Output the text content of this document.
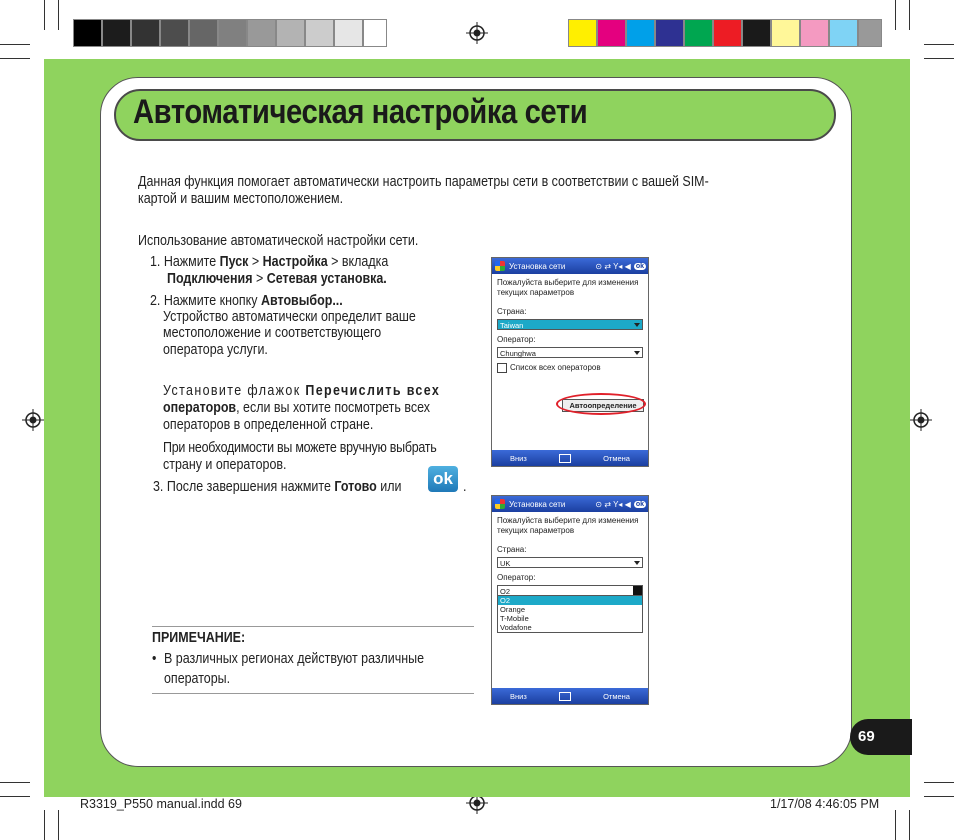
Автоматическая настройка сети
Данная функция помогает автоматически настроить параметры сети в соответствии с вашей SIM-
картой и вашим местоположением.
Использование автоматической настройки сети.
1. Нажмите Пуск > Настройка > вкладка
Подключения > Сетевая установка.
2. Нажмите кнопку Автовыбор...
Устройство автоматически определит ваше
местоположение и соответствующего
оператора услуги.
Установите флажок Перечислить всех
операторов, если вы хотите посмотреть всех
операторов в определенной стране.
При необходимости вы можете вручную выбрать
страну и операторов.
3. После завершения нажмите Готово или ok .
ПРИМЕЧАНИЕ:
• В различных регионах действуют различные
операторы.
Установка сети	⊙ ⇄ Y◂ ◀ ok
Пожалуйста выберите для изменения
текущих параметров
Страна:
Taiwan
Оператор:
Chunghwa
Список всех операторов
Автоопределение
Вниз	Отмена
Установка сети	⊙ ⇄ Y◂ ◀ ok
Пожалуйста выберите для изменения
текущих параметров
Страна:
UK
Оператор:
O2
O2
Orange
T-Mobile
Vodafone
Вниз	Отмена
69
R3319_P550 manual.indd 69	1/17/08 4:46:05 PM
